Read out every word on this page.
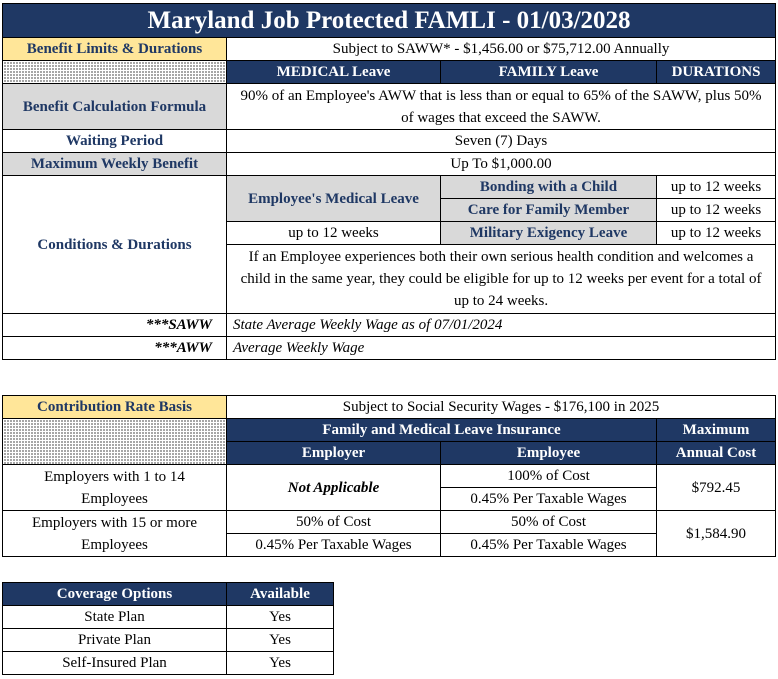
Maryland Job Protected FAMLI - 01/03/2028			
Benefit Limits & Durations	Subject to SAWW* - $1,456.00 or $75,712.00 Annually		
	MEDICAL Leave	FAMILY Leave	DURATIONS
Benefit Calculation Formula	90% of an Employee's AWW that is less than or equal to 65% of the SAWW, plus 50% of wages that exceed the SAWW.		
Waiting Period	Seven (7) Days		
Maximum Weekly Benefit	Up To $1,000.00		
Conditions & Durations	Employee's Medical Leave	Bonding with a Child	up to 12 weeks
		Care for Family Member	up to 12 weeks
	up to 12 weeks	Military Exigency Leave	up to 12 weeks
	If an Employee experiences both their own serious health condition and welcomes a child in the same year, they could be eligible for up to 12 weeks per event for a total of up to 24 weeks.		
***SAWW	State Average Weekly Wage as of 07/01/2024		
***AWW	Average Weekly Wage		
Contribution Rate Basis	Subject to Social Security Wages - $176,100 in 2025		
	Family and Medical Leave Insurance		Maximum
	Employer	Employee	Annual Cost
Employers with 1 to 14 Employees	Not Applicable	100% of Cost	$792.45
		0.45% Per Taxable Wages	
Employers with 15 or more Employees	50% of Cost	50% of Cost	$1,584.90
	0.45% Per Taxable Wages	0.45% Per Taxable Wages	
Coverage Options	Available
State Plan	Yes
Private Plan	Yes
Self-Insured Plan	Yes
